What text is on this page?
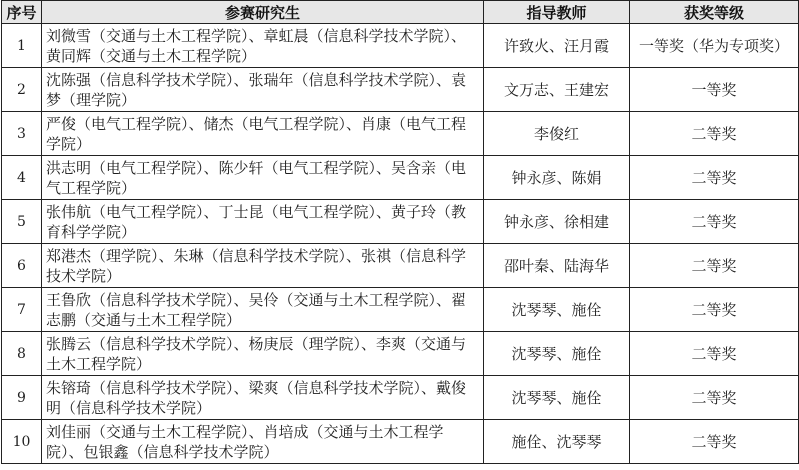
序号	参赛研究生	指导教师	获奖等级
1	刘微雪（交通与土木工程学院）、章虹晨（信息科学技术学院）、黄同辉（交通与土木工程学院）	许致火、汪月霞	一等奖（华为专项奖）
2	沈陈强（信息科学技术学院）、张瑞年（信息科学技术学院）、袁梦（理学院）	文万志、王建宏	一等奖
3	严俊（电气工程学院）、储杰（电气工程学院）、肖康（电气工程学院）	李俊红	二等奖
4	洪志明（电气工程学院）、陈少轩（电气工程学院）、吴含亲（电气工程学院）	钟永彦、陈娟	二等奖
5	张伟航（电气工程学院）、丁士昆（电气工程学院）、黄子玲（教育科学学院）	钟永彦、徐相建	二等奖
6	郑港杰（理学院）、朱琳（信息科学技术学院）、张祺（信息科学技术学院）	邵叶秦、陆海华	二等奖
7	王鲁欣（信息科学技术学院）、吴伶（交通与土木工程学院）、翟志鹏（交通与土木工程学院）	沈琴琴、施佺	二等奖
8	张腾云（信息科学技术学院）、杨庚辰（理学院）、李爽（交通与土木工程学院）	沈琴琴、施佺	二等奖
9	朱镕琦（信息科学技术学院）、梁爽（信息科学技术学院）、戴俊明（信息科学技术学院）	沈琴琴、施佺	二等奖
10	刘佳丽（交通与土木工程学院）、肖培成（交通与土木工程学院）、包银鑫（信息科学技术学院）	施佺、沈琴琴	二等奖
